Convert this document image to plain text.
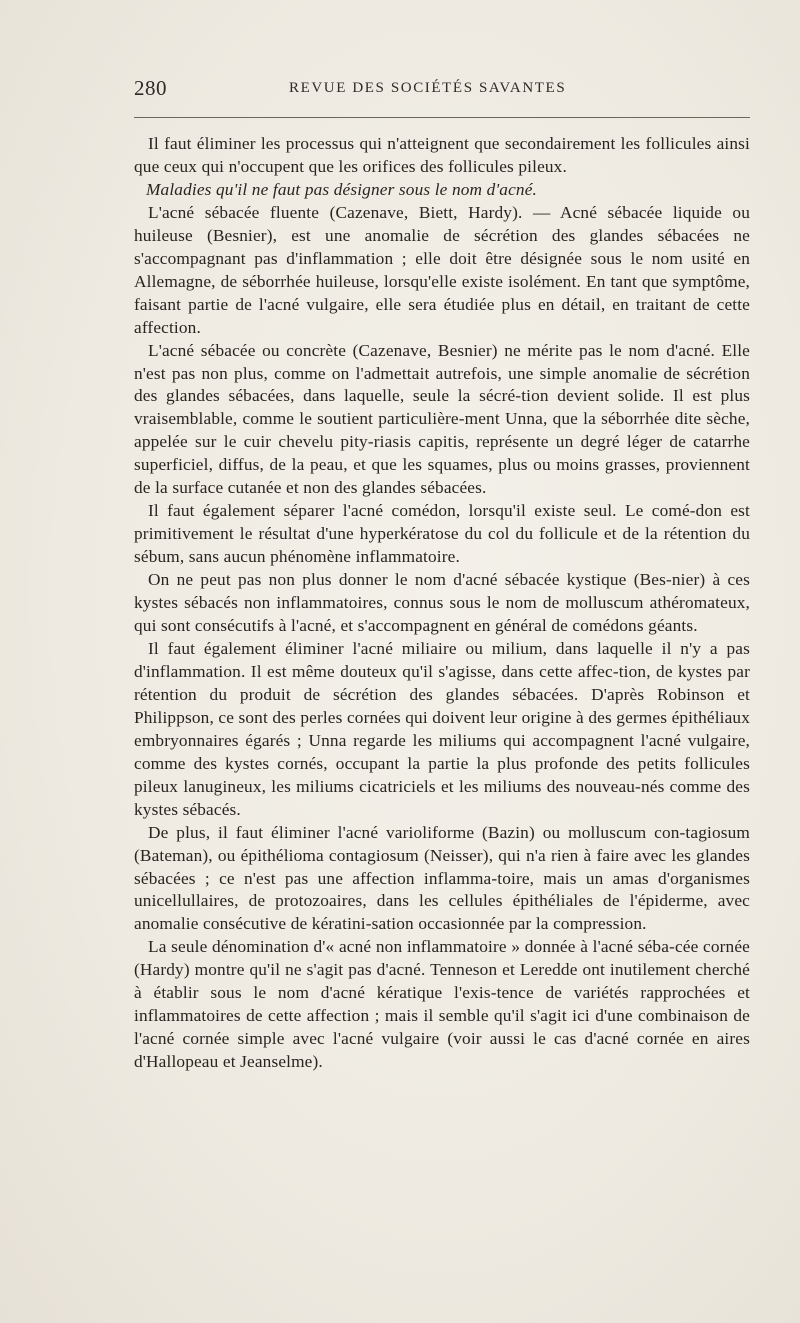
280	REVUE DES SOCIÉTÉS SAVANTES

Il faut éliminer les processus qui n'atteignent que secondairement les follicules ainsi que ceux qui n'occupent que les orifices des follicules pileux.

Maladies qu'il ne faut pas désigner sous le nom d'acné.

L'acné sébacée fluente (Cazenave, Biett, Hardy). — Acné sébacée liquide ou huileuse (Besnier), est une anomalie de sécrétion des glandes sébacées ne s'accompagnant pas d'inflammation ; elle doit être désignée sous le nom usité en Allemagne, de séborrhée huileuse, lorsqu'elle existe isolément. En tant que symptôme, faisant partie de l'acné vulgaire, elle sera étudiée plus en détail, en traitant de cette affection.

L'acné sébacée ou concrète (Cazenave, Besnier) ne mérite pas le nom d'acné. Elle n'est pas non plus, comme on l'admettait autrefois, une simple anomalie de sécrétion des glandes sébacées, dans laquelle, seule la sécré-tion devient solide. Il est plus vraisemblable, comme le soutient particulière-ment Unna, que la séborrhée dite sèche, appelée sur le cuir chevelu pity-riasis capitis, représente un degré léger de catarrhe superficiel, diffus, de la peau, et que les squames, plus ou moins grasses, proviennent de la surface cutanée et non des glandes sébacées.

Il faut également séparer l'acné comédon, lorsqu'il existe seul. Le comé-don est primitivement le résultat d'une hyperkératose du col du follicule et de la rétention du sébum, sans aucun phénomène inflammatoire.

On ne peut pas non plus donner le nom d'acné sébacée kystique (Bes-nier) à ces kystes sébacés non inflammatoires, connus sous le nom de molluscum athéromateux, qui sont consécutifs à l'acné, et s'accompagnent en général de comédons géants.

Il faut également éliminer l'acné miliaire ou milium, dans laquelle il n'y a pas d'inflammation. Il est même douteux qu'il s'agisse, dans cette affec-tion, de kystes par rétention du produit de sécrétion des glandes sébacées. D'après Robinson et Philippson, ce sont des perles cornées qui doivent leur origine à des germes épithéliaux embryonnaires égarés ; Unna regarde les miliums qui accompagnent l'acné vulgaire, comme des kystes cornés, occupant la partie la plus profonde des petits follicules pileux lanugineux, les miliums cicatriciels et les miliums des nouveau-nés comme des kystes sébacés.

De plus, il faut éliminer l'acné varioliforme (Bazin) ou molluscum con-tagiosum (Bateman), ou épithélioma contagiosum (Neisser), qui n'a rien à faire avec les glandes sébacées ; ce n'est pas une affection inflamma-toire, mais un amas d'organismes unicellullaires, de protozoaires, dans les cellules épithéliales de l'épiderme, avec anomalie consécutive de kératini-sation occasionnée par la compression.

La seule dénomination d'« acné non inflammatoire » donnée à l'acné séba-cée cornée (Hardy) montre qu'il ne s'agit pas d'acné. Tenneson et Leredde ont inutilement cherché à établir sous le nom d'acné kératique l'exis-tence de variétés rapprochées et inflammatoires de cette affection ; mais il semble qu'il s'agit ici d'une combinaison de l'acné cornée simple avec l'acné vulgaire (voir aussi le cas d'acné cornée en aires d'Hallopeau et Jeanselme).
